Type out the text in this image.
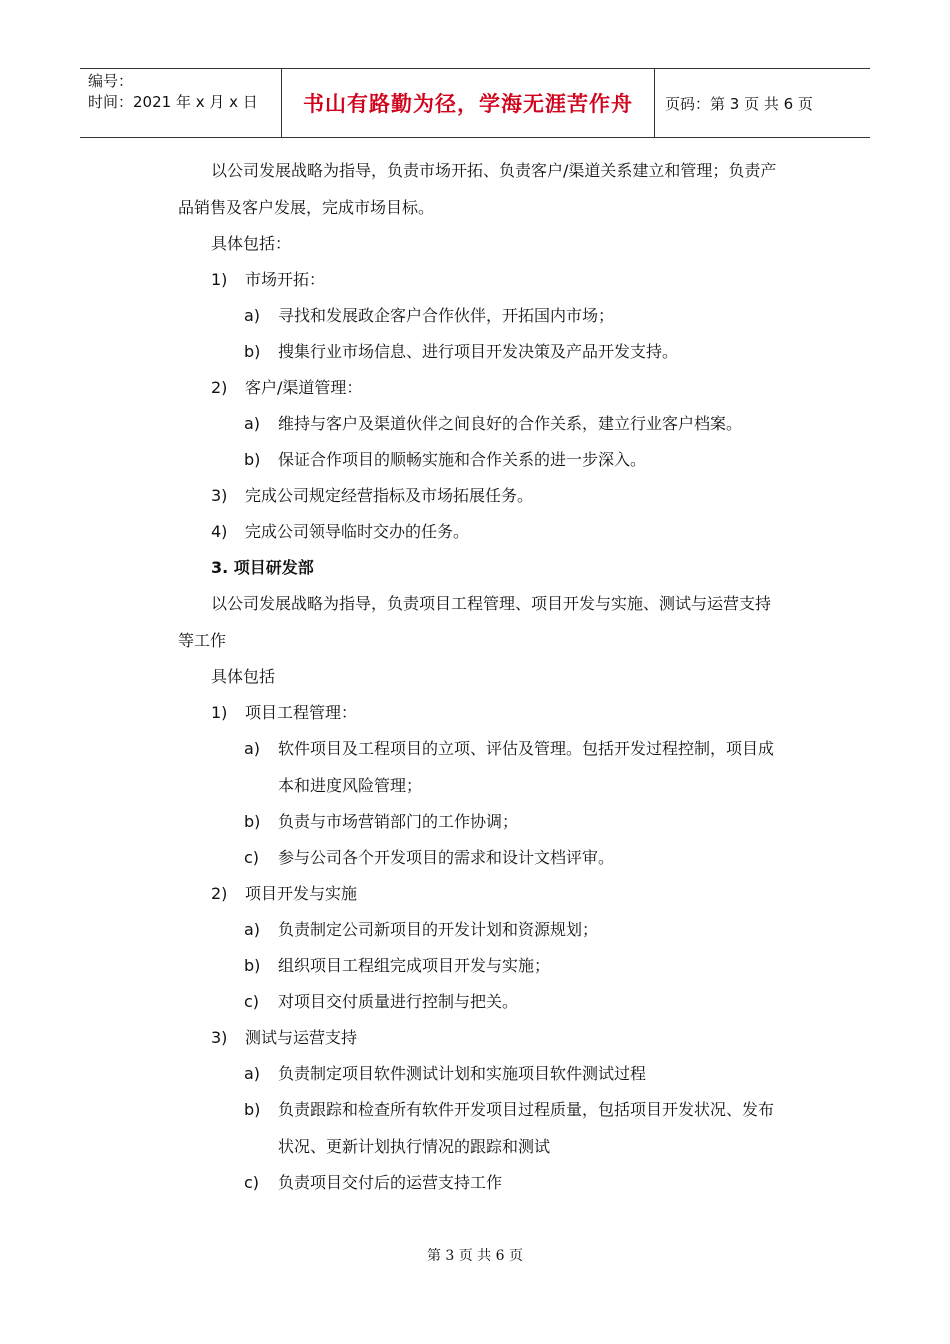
编号：
时间：2021 年 x 月 x 日	书山有路勤为径，学海无涯苦作舟	页码：第 3 页 共 6 页
以公司发展战略为指导，负责市场开拓、负责客户/渠道关系建立和管理；负责产
品销售及客户发展，完成市场目标。
具体包括：
1) 市场开拓：
a) 寻找和发展政企客户合作伙伴，开拓国内市场；
b) 搜集行业市场信息、进行项目开发决策及产品开发支持。
2) 客户/渠道管理：
a) 维持与客户及渠道伙伴之间良好的合作关系，建立行业客户档案。
b) 保证合作项目的顺畅实施和合作关系的进一步深入。
3) 完成公司规定经营指标及市场拓展任务。
4) 完成公司领导临时交办的任务。
3. 项目研发部
以公司发展战略为指导，负责项目工程管理、项目开发与实施、测试与运营支持
等工作
具体包括
1) 项目工程管理：
a) 软件项目及工程项目的立项、评估及管理。包括开发过程控制，项目成
本和进度风险管理；
b) 负责与市场营销部门的工作协调；
c) 参与公司各个开发项目的需求和设计文档评审。
2) 项目开发与实施
a) 负责制定公司新项目的开发计划和资源规划；
b) 组织项目工程组完成项目开发与实施；
c) 对项目交付质量进行控制与把关。
3) 测试与运营支持
a) 负责制定项目软件测试计划和实施项目软件测试过程
b) 负责跟踪和检查所有软件开发项目过程质量，包括项目开发状况、发布
状况、更新计划执行情况的跟踪和测试
c) 负责项目交付后的运营支持工作
第 3 页 共 6 页
